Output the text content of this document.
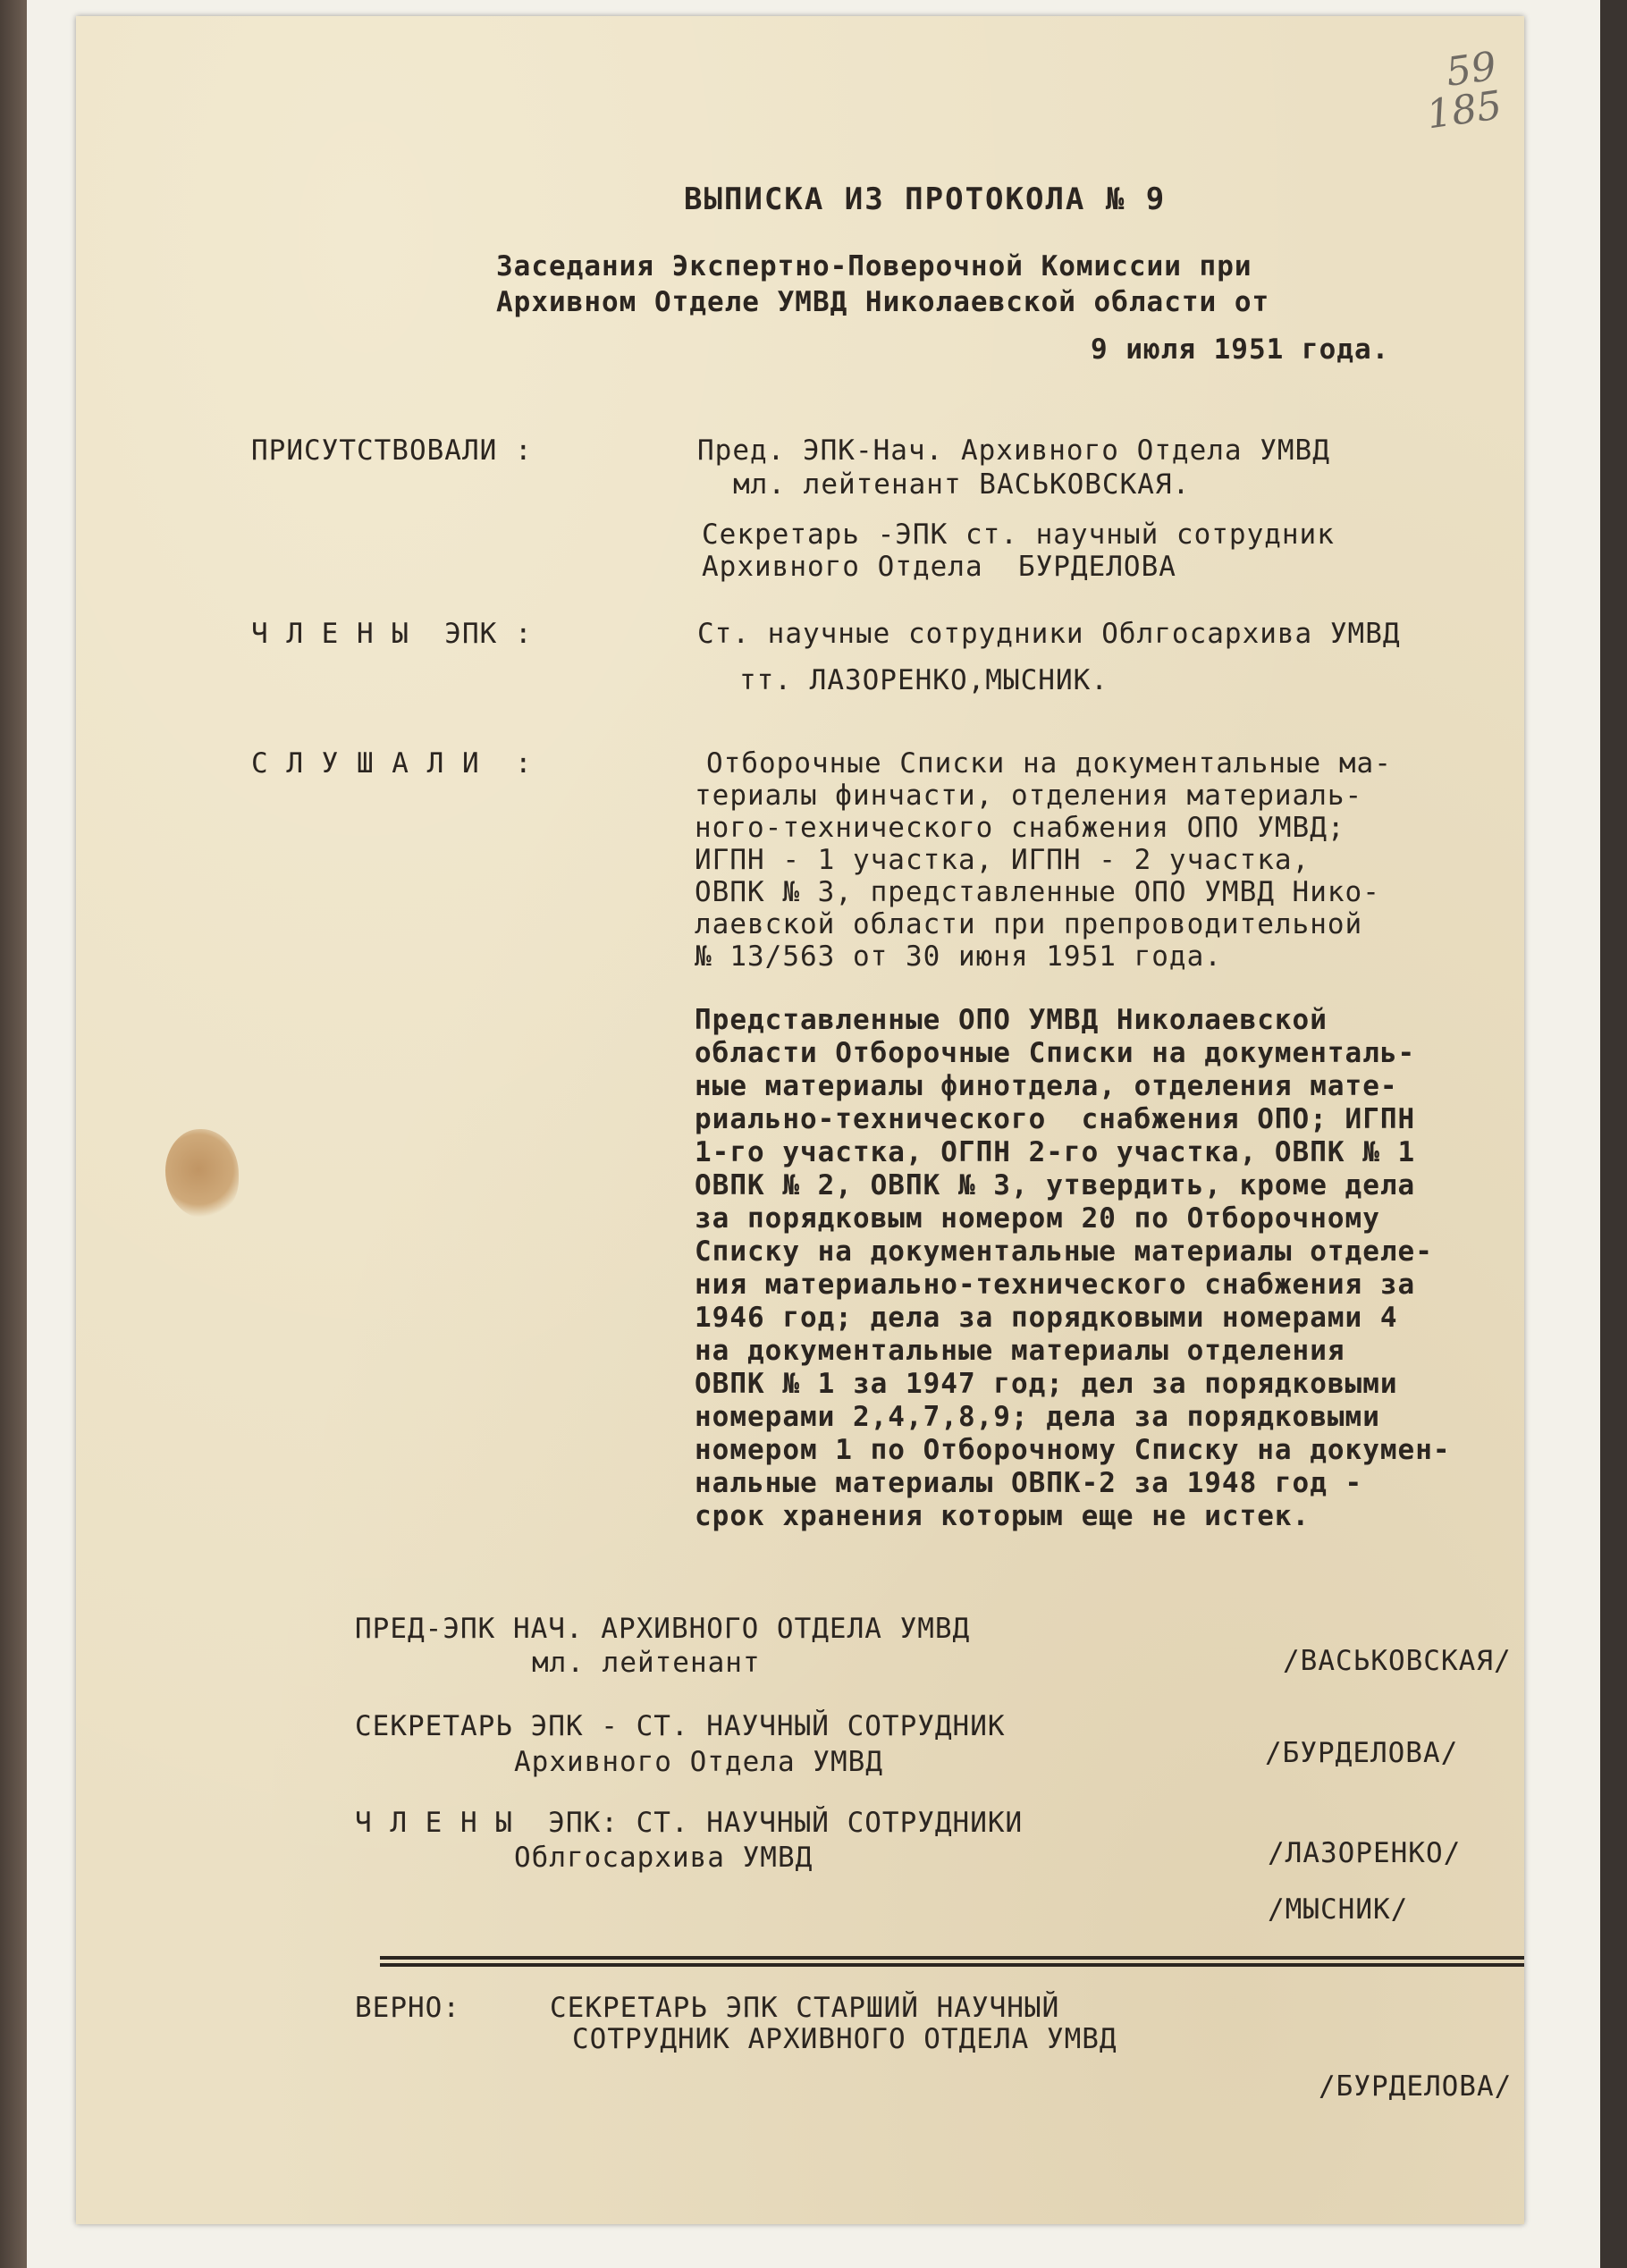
59
185
ВЫПИСКА ИЗ ПРОТОКОЛА № 9
Заседания Экспертно-Поверочной Комиссии при
Архивном Отделе УМВД Николаевской области от
9 июля 1951 года.
ПРИСУТСТВОВАЛИ :	Пред. ЭПК-Нач. Архивного Отдела УМВД
мл. лейтенант ВАСЬКОВСКАЯ.
Секретарь -ЭПК ст. научный сотрудник
Архивного Отдела  БУРДЕЛОВА
Ч Л Е Н Ы  ЭПК :	Ст. научные сотрудники Облгосархива УМВД
тт. ЛАЗОРЕНКО,МЫСНИК.
С Л У Ш А Л И  :	Отборочные Списки на документальные ма-
териалы финчасти, отделения материаль-
ного-технического снабжения ОПО УМВД;
ИГПН - 1 участка, ИГПН - 2 участка,
ОВПК № 3, представленные ОПО УМВД Нико-
лаевской области при препроводительной
№ 13/563 от 30 июня 1951 года.
Представленные ОПО УМВД Николаевской
области Отборочные Списки на документаль-
ные материалы финотдела, отделения мате-
риально-технического  снабжения ОПО; ИГПН
1-го участка, ОГПН 2-го участка, ОВПК № 1
ОВПК № 2, ОВПК № 3, утвердить, кроме дела
за порядковым номером 20 по Отборочному
Списку на документальные материалы отделе-
ния материально-технического снабжения за
1946 год; дела за порядковыми номерами 4
на документальные материалы отделения
ОВПК № 1 за 1947 год; дел за порядковыми
номерами 2,4,7,8,9; дела за порядковыми
номером 1 по Отборочному Списку на докумен-
нальные материалы ОВПК-2 за 1948 год -
срок хранения которым еще не истек.
ПРЕД-ЭПК НАЧ. АРХИВНОГО ОТДЕЛА УМВД
мл. лейтенант	/ВАСЬКОВСКАЯ/
СЕКРЕТАРЬ ЭПК - СТ. НАУЧНЫЙ СОТРУДНИК
Архивного Отдела УМВД	/БУРДЕЛОВА/
Ч Л Е Н Ы  ЭПК: СТ. НАУЧНЫЙ СОТРУДНИКИ
Облгосархива УМВД	/ЛАЗОРЕНКО/
/МЫСНИК/
ВЕРНО:	СЕКРЕТАРЬ ЭПК СТАРШИЙ НАУЧНЫЙ
СОТРУДНИК АРХИВНОГО ОТДЕЛА УМВД
/БУРДЕЛОВА/
